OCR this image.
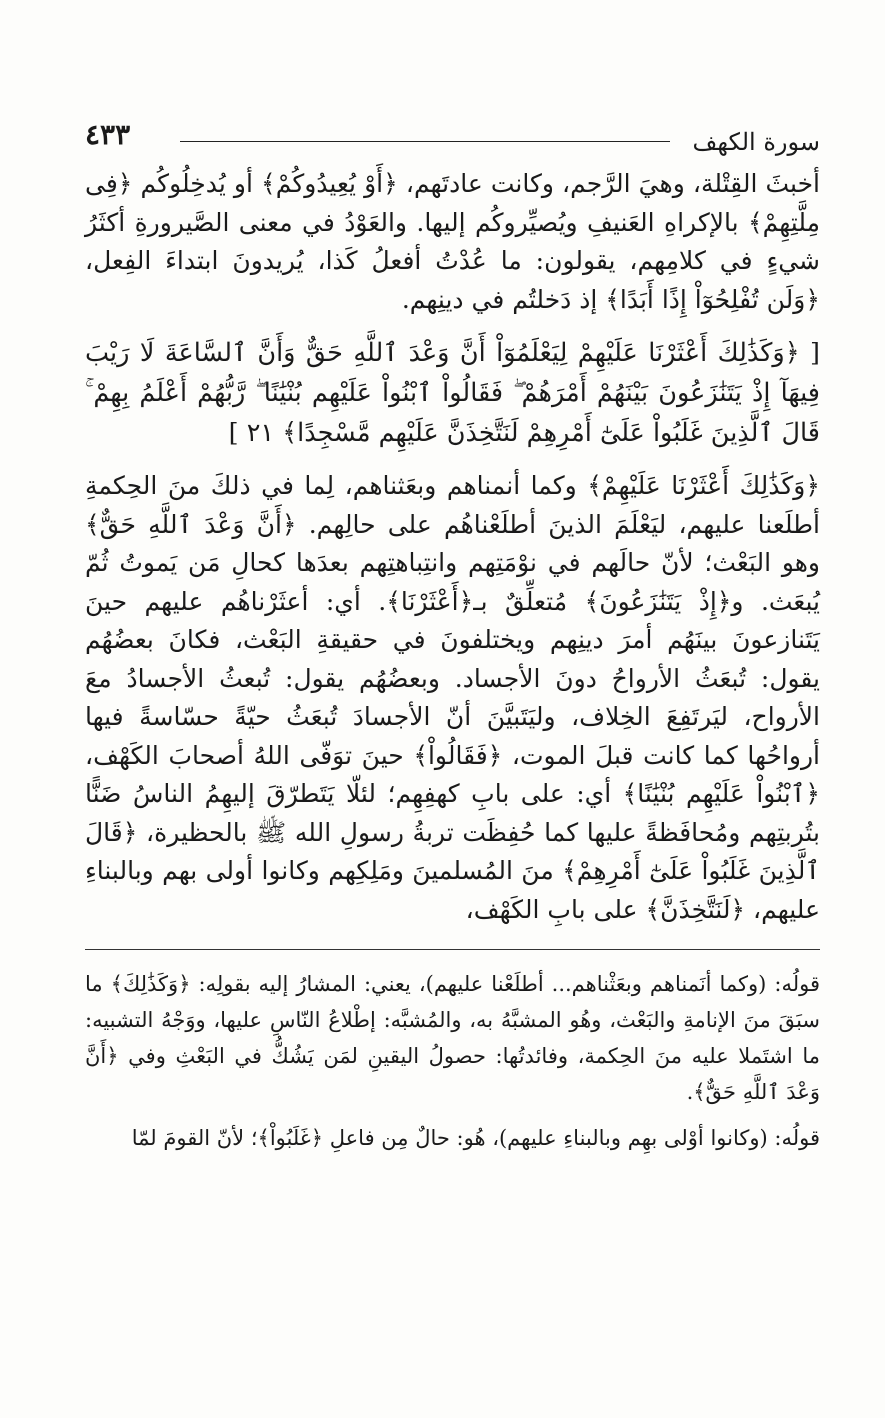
سورة الكهف
٤٣٣

أخبثَ القِتْلة، وهيَ الرَّجم، وكانت عادتَهم، ﴿أَوْ يُعِيدُوكُمْ﴾ أو يُدخِلُوكُم ﴿فِى مِلَّتِهِمْ﴾ بالإكراهِ العَنيفِ ويُصيِّروكُم إليها. والعَوْدُ في معنى الصَّيرورةِ أكثَرُ شيءٍ في كلامِهم، يقولون: ما عُدْتُ أفعلُ كَذا، يُريدونَ ابتداءَ الفِعل، ﴿وَلَن تُفْلِحُوٓاْ إِذًا أَبَدًا﴾ إذ دَخلتُم في دينِهم.

[ ﴿وَكَذَٰلِكَ أَعْثَرْنَا عَلَيْهِمْ لِيَعْلَمُوٓاْ أَنَّ وَعْدَ ٱللَّهِ حَقٌّ وَأَنَّ ٱلسَّاعَةَ لَا رَيْبَ فِيهَآ إِذْ يَتَنَٰزَعُونَ بَيْنَهُمْ أَمْرَهُمْ ۖ فَقَالُواْ ٱبْنُواْ عَلَيْهِم بُنْيَٰنًا ۖ رَّبُّهُمْ أَعْلَمُ بِهِمْ ۚ قَالَ ٱلَّذِينَ غَلَبُواْ عَلَىٰٓ أَمْرِهِمْ لَنَتَّخِذَنَّ عَلَيْهِم مَّسْجِدًا﴾ ٢١ ]

﴿وَكَذَٰلِكَ أَعْثَرْنَا عَلَيْهِمْ﴾ وكما أنمناهم وبعَثناهم، لِما في ذلكَ منَ الحِكمةِ أطلَعنا عليهم، ليَعْلَمَ الذينَ أطلَعْناهُم على حالِهم. ﴿أَنَّ وَعْدَ ٱللَّهِ حَقٌّ﴾ وهو البَعْث؛ لأنّ حالَهم في نوْمَتِهم وانتِباهتِهم بعدَها كحالِ مَن يَموتُ ثُمّ يُبعَث. و﴿إِذْ يَتَنَٰزَعُونَ﴾ مُتعلِّقٌ بـ﴿أَعْثَرْنَا﴾. أي: أعثَرْناهُم عليهم حينَ يَتَنازعونَ بينَهُم أمرَ دينِهم ويختلفونَ في حقيقةِ البَعْث، فكانَ بعضُهُم يقول: تُبعَثُ الأرواحُ دونَ الأجساد. وبعضُهُم يقول: تُبعثُ الأجسادُ معَ الأرواح، ليَرتَفِعَ الخِلاف، وليَتَبيَّنَ أنّ الأجسادَ تُبعَثُ حيّةً حسّاسةً فيها أرواحُها كما كانت قبلَ الموت، ﴿فَقَالُواْ﴾ حينَ توَفّى اللهُ أصحابَ الكَهْف، ﴿ٱبْنُواْ عَلَيْهِم بُنْيَٰنًا﴾ أي: على بابِ كهفِهِم؛ لئلّا يَتَطرّقَ إليهِمُ الناسُ ضَنًّا بتُربتِهم ومُحافَظةً عليها كما حُفِظَت تربةُ رسولِ الله ﷺ بالحظيرة، ﴿قَالَ ٱلَّذِينَ غَلَبُواْ عَلَىٰٓ أَمْرِهِمْ﴾ منَ المُسلمينَ ومَلِكِهم وكانوا أولى بهم وبالبناءِ عليهم، ﴿لَنَتَّخِذَنَّ﴾ على بابِ الكَهْف،

قولُه: (وكما أنَمناهم وبعَثْناهم... أطلَعْنا عليهم)، يعني: المشارُ إليه بقولِه: ﴿وَكَذَٰلِكَ﴾ ما سبَقَ منَ الإنامةِ والبَعْث، وهُو المشبَّهُ به، والمُشبَّه: إطْلاعُ النّاسِ عليها، ووَجْهُ التشبيه: ما اشتَملا عليه منَ الحِكمة، وفائدتُها: حصولُ اليقينِ لمَن يَشُكُّ في البَعْثِ وفي ﴿أَنَّ وَعْدَ ٱللَّهِ حَقٌّ﴾.

قولُه: (وكانوا أوْلى بهِم وبالبناءِ عليهم)، هُو: حالٌ مِن فاعلِ ﴿غَلَبُواْ﴾؛ لأنّ القومَ لمّا
